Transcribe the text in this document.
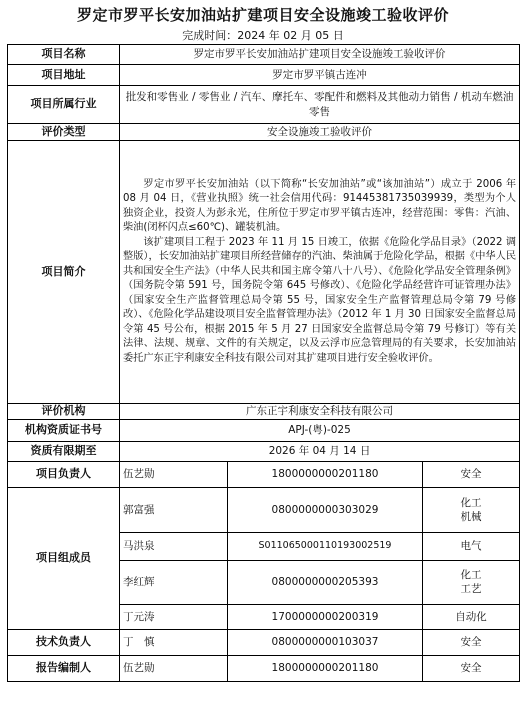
罗定市罗平长安加油站扩建项目安全设施竣工验收评价
完成时间：2024 年 02 月 05 日
项目名称	罗定市罗平长安加油站扩建项目安全设施竣工验收评价		
项目地址	罗定市罗平镇古连冲		
项目所属行业	批发和零售业 / 零售业 / 汽车、摩托车、零配件和燃料及其他动力销售 / 机动车燃油零售		
评价类型	安全设施竣工验收评价		
项目简介	罗定市罗平长安加油站（以下简称“长安加油站”或“该加油站”）成立于 2006 年 08 月 04 日，《营业执照》统一社会信用代码：91445381735039939，类型为个人独资企业，投资人为彭永光，住所位于罗定市罗平镇古连冲，经营范围：零售：汽油、柴油(闭杯闪点≤60℃)、罐装机油。

该扩建项目工程于 2023 年 11 月 15 日竣工，依据《危险化学品目录》（2022 调整版），长安加油站扩建项目所经营储存的汽油、柴油属于危险化学品，根据《中华人民共和国安全生产法》（中华人民共和国主席令第八十八号）、《危险化学品安全管理条例》（国务院令第 591 号，国务院令第 645 号修改）、《危险化学品经营许可证管理办法》（国家安全生产监督管理总局令第 55 号，国家安全生产监督管理总局令第 79 号修改）、《危险化学品建设项目安全监督管理办法》（2012 年 1 月 30 日国家安全监督总局令第 45 号公布，根据 2015 年 5 月 27 日国家安全监督总局令第 79 号修订）等有关法律、法规、规章、文件的有关规定，以及云浮市应急管理局的有关要求，长安加油站委托广东正宇利康安全科技有限公司对其扩建项目进行安全验收评价。		

评价机构	广东正宇利康安全科技有限公司		
机构资质证书号	APJ-(粤)-025		
资质有限期至	2026 年 04 月 14 日		
项目负责人	伍艺勋	1800000000201180	安全
项目组成员	郭富强	0800000000303029	化工
机械
	马洪泉	S011065000110193002519	电气
	李红辉	0800000000205393	化工
工艺
	丁元涛	1700000000200319	自动化
技术负责人	丁　慎	0800000000103037	安全
报告编制人	伍艺勋	1800000000201180	安全
